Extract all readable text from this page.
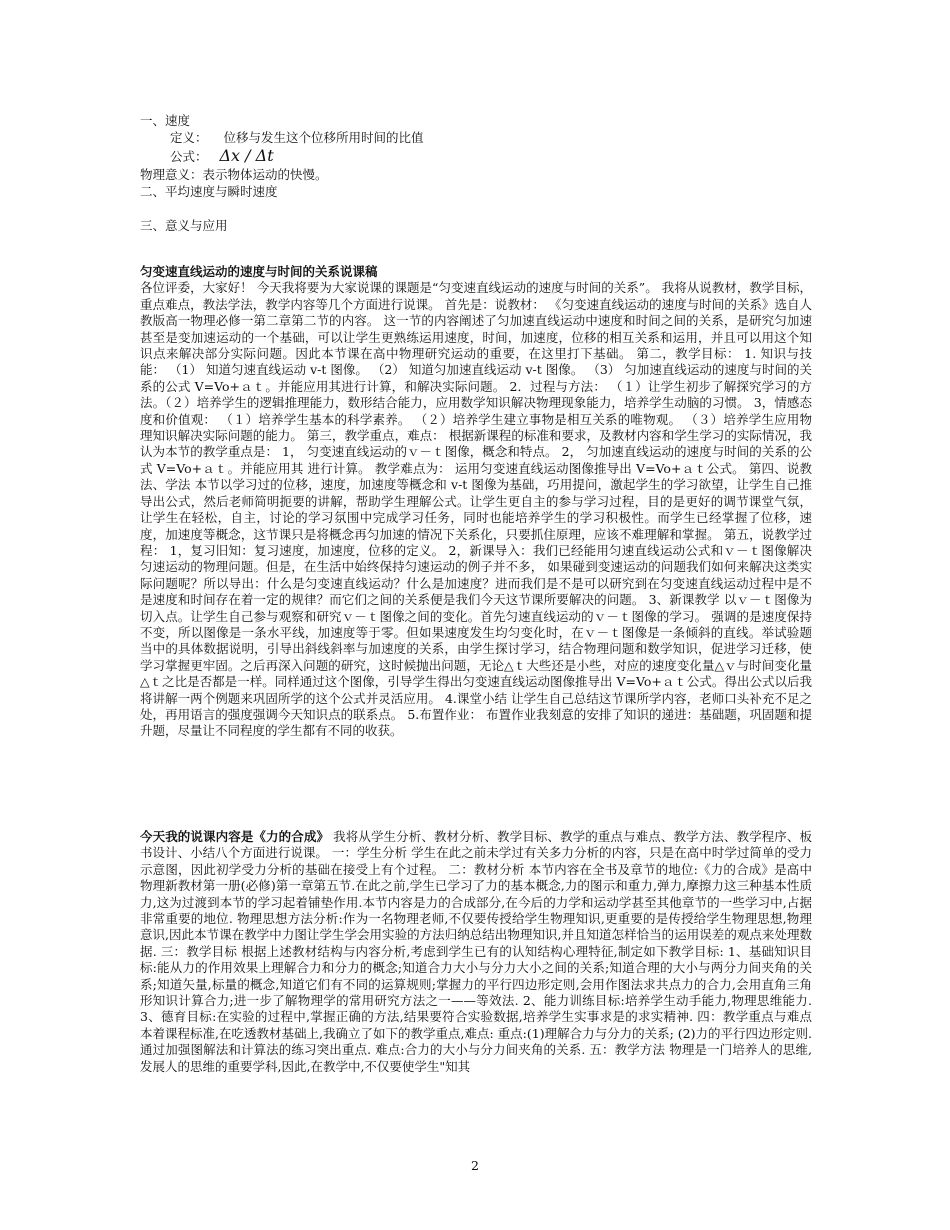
一、速度
定义： 位移与发生这个位移所用时间的比值
公式： Δx / Δt
物理意义：表示物体运动的快慢。
二、平均速度与瞬时速度
三、意义与应用
匀变速直线运动的速度与时间的关系说课稿
各位评委，大家好！ 今天我将要为大家说课的课题是“匀变速直线运动的速度与时间的关系”。 我将从说教材，教学目标，重点难点，教法学法，教学内容等几个方面进行说课。 首先是：说教材： 《匀变速直线运动的速度与时间的关系》选自人教版高一物理必修一第二章第二节的内容。 这一节的内容阐述了匀加速直线运动中速度和时间之间的关系，是研究匀加速甚至是变加速运动的一个基础，可以让学生更熟练运用速度，时间，加速度，位移的相互关系和运用，并且可以用这个知识点来解决部分实际问题。因此本节课在高中物理研究运动的重要，在这里打下基础。 第二，教学目标： 1. 知识与技能： （1） 知道匀速直线运动 v-t 图像。 （2） 知道匀加速直线运动 v-t 图像。 （3） 匀加速直线运动的速度与时间的关系的公式 V=Vo+ａｔ。并能应用其进行计算，和解决实际问题。 2．过程与方法： （１）让学生初步了解探究学习的方法。（２）培养学生的逻辑推理能力，数形结合能力，应用数学知识解决物理现象能力，培养学生动脑的习惯。 3，情感态度和价值观： （１）培养学生基本的科学素养。 （２）培养学生建立事物是相互关系的唯物观。 （３）培养学生应用物理知识解决实际问题的能力。 第三，教学重点，难点： 根据新课程的标准和要求，及教材内容和学生学习的实际情况，我认为本节的教学重点是： 1， 匀变速直线运动的ｖ－ｔ图像，概念和特点。 2， 匀加速直线运动的速度与时间的关系的公式 V=Vo+ａｔ。并能应用其 进行计算。 教学难点为： 运用匀变速直线运动图像推导出 V=Vo+ａｔ公式。 第四、说教法、学法 本节以学习过的位移，速度，加速度等概念和 v-t 图像为基础，巧用提问，激起学生的学习欲望，让学生自己推导出公式，然后老师简明扼要的讲解，帮助学生理解公式。让学生更自主的参与学习过程，目的是更好的调节课堂气氛，让学生在轻松，自主，讨论的学习氛围中完成学习任务，同时也能培养学生的学习积极性。而学生已经掌握了位移，速度，加速度等概念，这节课只是将概念再匀加速的情况下关系化，只要抓住原理，应该不难理解和掌握。 第五，说教学过程： 1，复习旧知：复习速度，加速度，位移的定义。 2，新课导入：我们已经能用匀速直线运动公式和ｖ－ｔ图像解决匀速运动的物理问题。但是，在生活中始终保持匀速运动的例子并不多， 如果碰到变速运动的问题我们如何来解决这类实际问题呢？所以导出：什么是匀变速直线运动？什么是加速度？进而我们是不是可以研究到在匀变速直线运动过程中是不是速度和时间存在着一定的规律？而它们之间的关系便是我们今天这节课所要解决的问题。 3、新课教学 以ｖ－ｔ图像为切入点。让学生自己参与观察和研究ｖ－ｔ图像之间的变化。首先匀速直线运动的ｖ－ｔ图像的学习。 强调的是速度保持不变，所以图像是一条水平线，加速度等于零。但如果速度发生均匀变化时，在ｖ－ｔ图像是一条倾斜的直线。举试验题当中的具体数据说明，引导出斜线斜率与加速度的关系，由学生探讨学习，结合物理问题和数学知识，促进学习迁移，使学习掌握更牢固。之后再深入问题的研究，这时候抛出问题，无论△ｔ大些还是小些，对应的速度变化量△ｖ与时间变化量△ｔ之比是否都是一样。同样通过这个图像，引导学生得出匀变速直线运动图像推导出 V=Vo+ａｔ公式。得出公式以后我将讲解一两个例题来巩固所学的这个公式并灵活应用。 4.课堂小结 让学生自己总结这节课所学内容，老师口头补充不足之处，再用语言的强度强调今天知识点的联系点。 5.布置作业： 布置作业我刻意的安排了知识的递进：基础题，巩固题和提升题，尽量让不同程度的学生都有不同的收获。
今天我的说课内容是《力的合成》 我将从学生分析、教材分析、教学目标、教学的重点与难点、教学方法、教学程序、板书设计、小结八个方面进行说课。 一：学生分析 学生在此之前未学过有关多力分析的内容，只是在高中时学过简单的受力示意图，因此初学受力分析的基础在接受上有个过程。 二：教材分析 本节内容在全书及章节的地位:《力的合成》是高中物理新教材第一册(必修)第一章第五节.在此之前,学生已学习了力的基本概念,力的图示和重力,弹力,摩擦力这三种基本性质力,这为过渡到本节的学习起着铺垫作用.本节内容是力的合成部分,在今后的力学和运动学甚至其他章节的一些学习中,占据非常重要的地位. 物理思想方法分析:作为一名物理老师,不仅要传授给学生物理知识,更重要的是传授给学生物理思想,物理意识,因此本节课在教学中力图让学生学会用实验的方法归纳总结出物理知识,并且知道怎样恰当的运用误差的观点来处理数据. 三：教学目标 根据上述教材结构与内容分析,考虑到学生已有的认知结构心理特征,制定如下教学目标: 1、基础知识目标:能从力的作用效果上理解合力和分力的概念;知道合力大小与分力大小之间的关系;知道合理的大小与两分力间夹角的关系;知道矢量,标量的概念,知道它们有不同的运算规则;掌握力的平行四边形定则,会用作图法求共点力的合力,会用直角三角形知识计算合力;进一步了解物理学的常用研究方法之一——等效法. 2、能力训练目标:培养学生动手能力,物理思维能力. 3、德育目标:在实验的过程中,掌握正确的方法,结果要符合实验数据,培养学生实事求是的求实精神. 四：教学重点与难点 本着课程标准,在吃透教材基础上,我确立了如下的教学重点,难点: 重点:(1)理解合力与分力的关系; (2)力的平行四边形定则. 通过加强图解法和计算法的练习突出重点. 难点:合力的大小与分力间夹角的关系. 五：教学方法 物理是一门培养人的思维,发展人的思维的重要学科,因此,在教学中,不仅要使学生"知其
2
